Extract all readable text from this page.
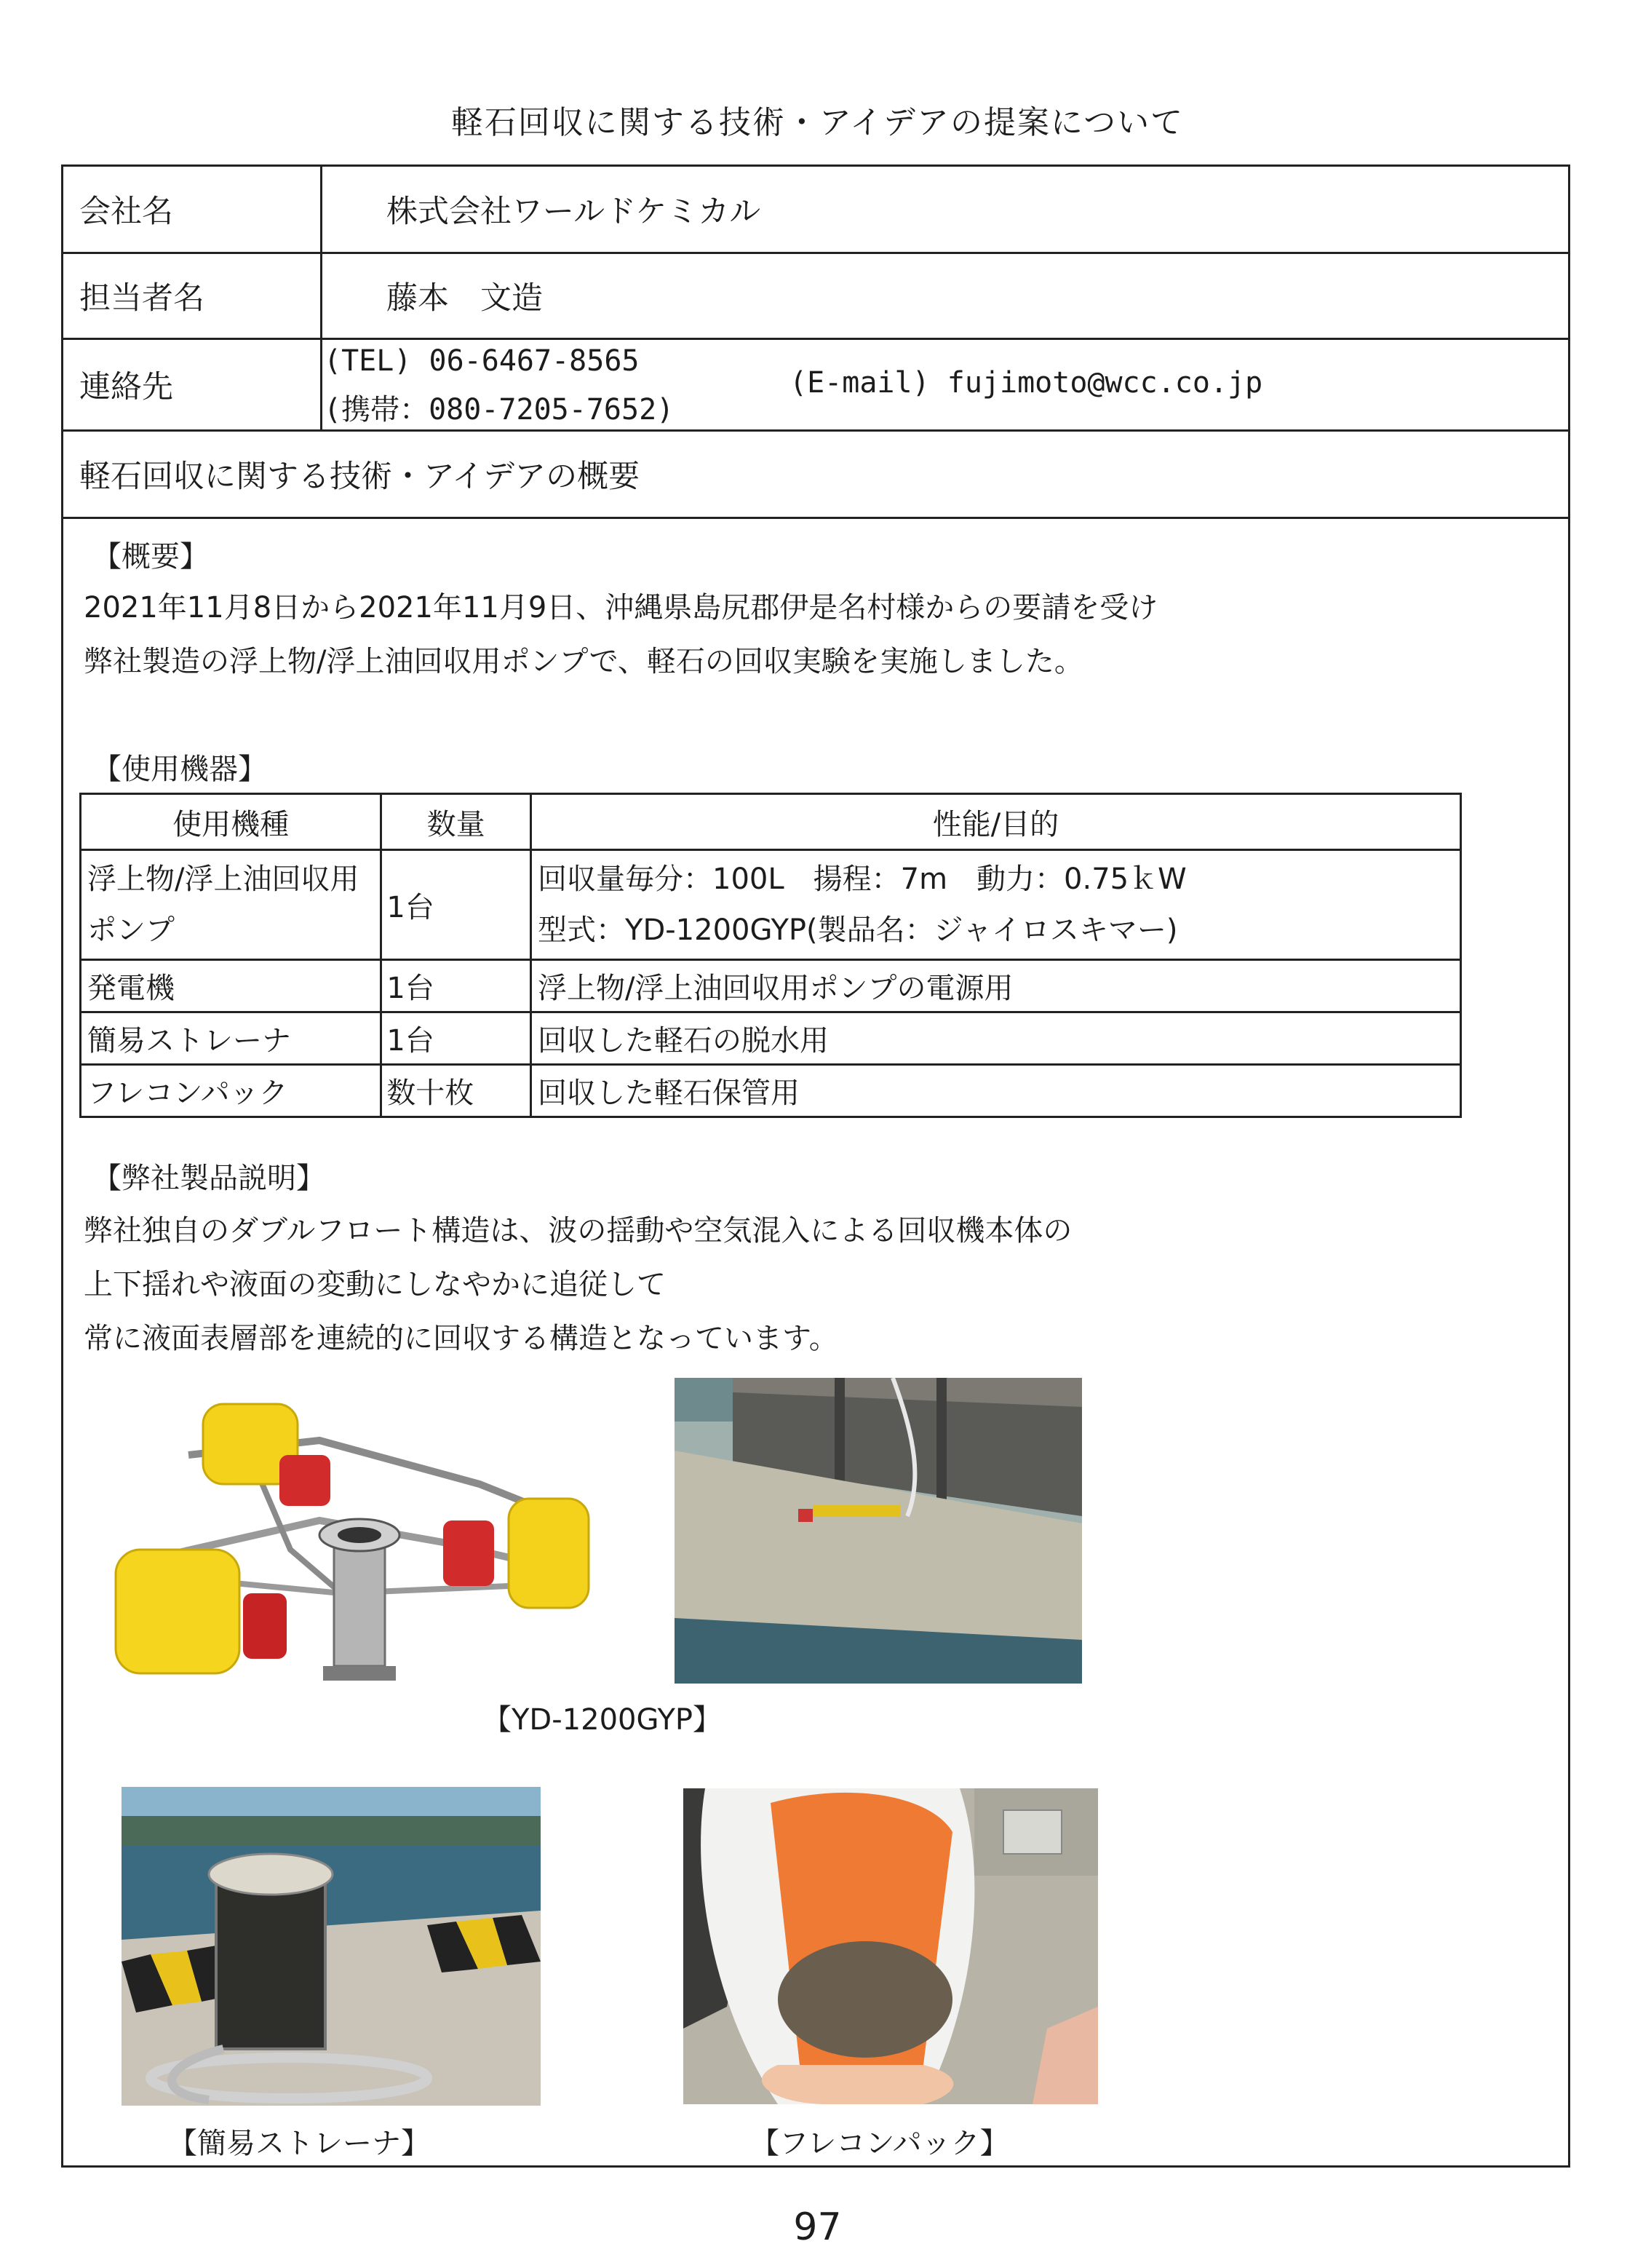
軽石回収に関する技術・アイデアの提案について
会社名	株式会社ワールドケミカル
担当者名	藤本　文造
連絡先
(TEL) 06-6467-8565
(携帯：080-7205-7652)
(E-mail) fujimoto@wcc.co.jp
軽石回収に関する技術・アイデアの概要
【概要】
2021年11月8日から2021年11月9日、沖縄県島尻郡伊是名村様からの要請を受け
弊社製造の浮上物/浮上油回収用ポンプで、軽石の回収実験を実施しました。
【使用機器】
使用機種	数量	性能/目的
浮上物/浮上油回収用ポンプ	1台	回収量毎分：100L　揚程：7m　動力：0.75ｋW
型式：YD-1200GYP(製品名：ジャイロスキマー)

発電機	1台	浮上物/浮上油回収用ポンプの電源用
簡易ストレーナ	1台	回収した軽石の脱水用
フレコンパック	数十枚	回収した軽石保管用
【弊社製品説明】
弊社独自のダブルフロート構造は、波の揺動や空気混入による回収機本体の
上下揺れや液面の変動にしなやかに追従して
常に液面表層部を連続的に回収する構造となっています。
【YD-1200GYP】
【簡易ストレーナ】	【フレコンパック】
97
